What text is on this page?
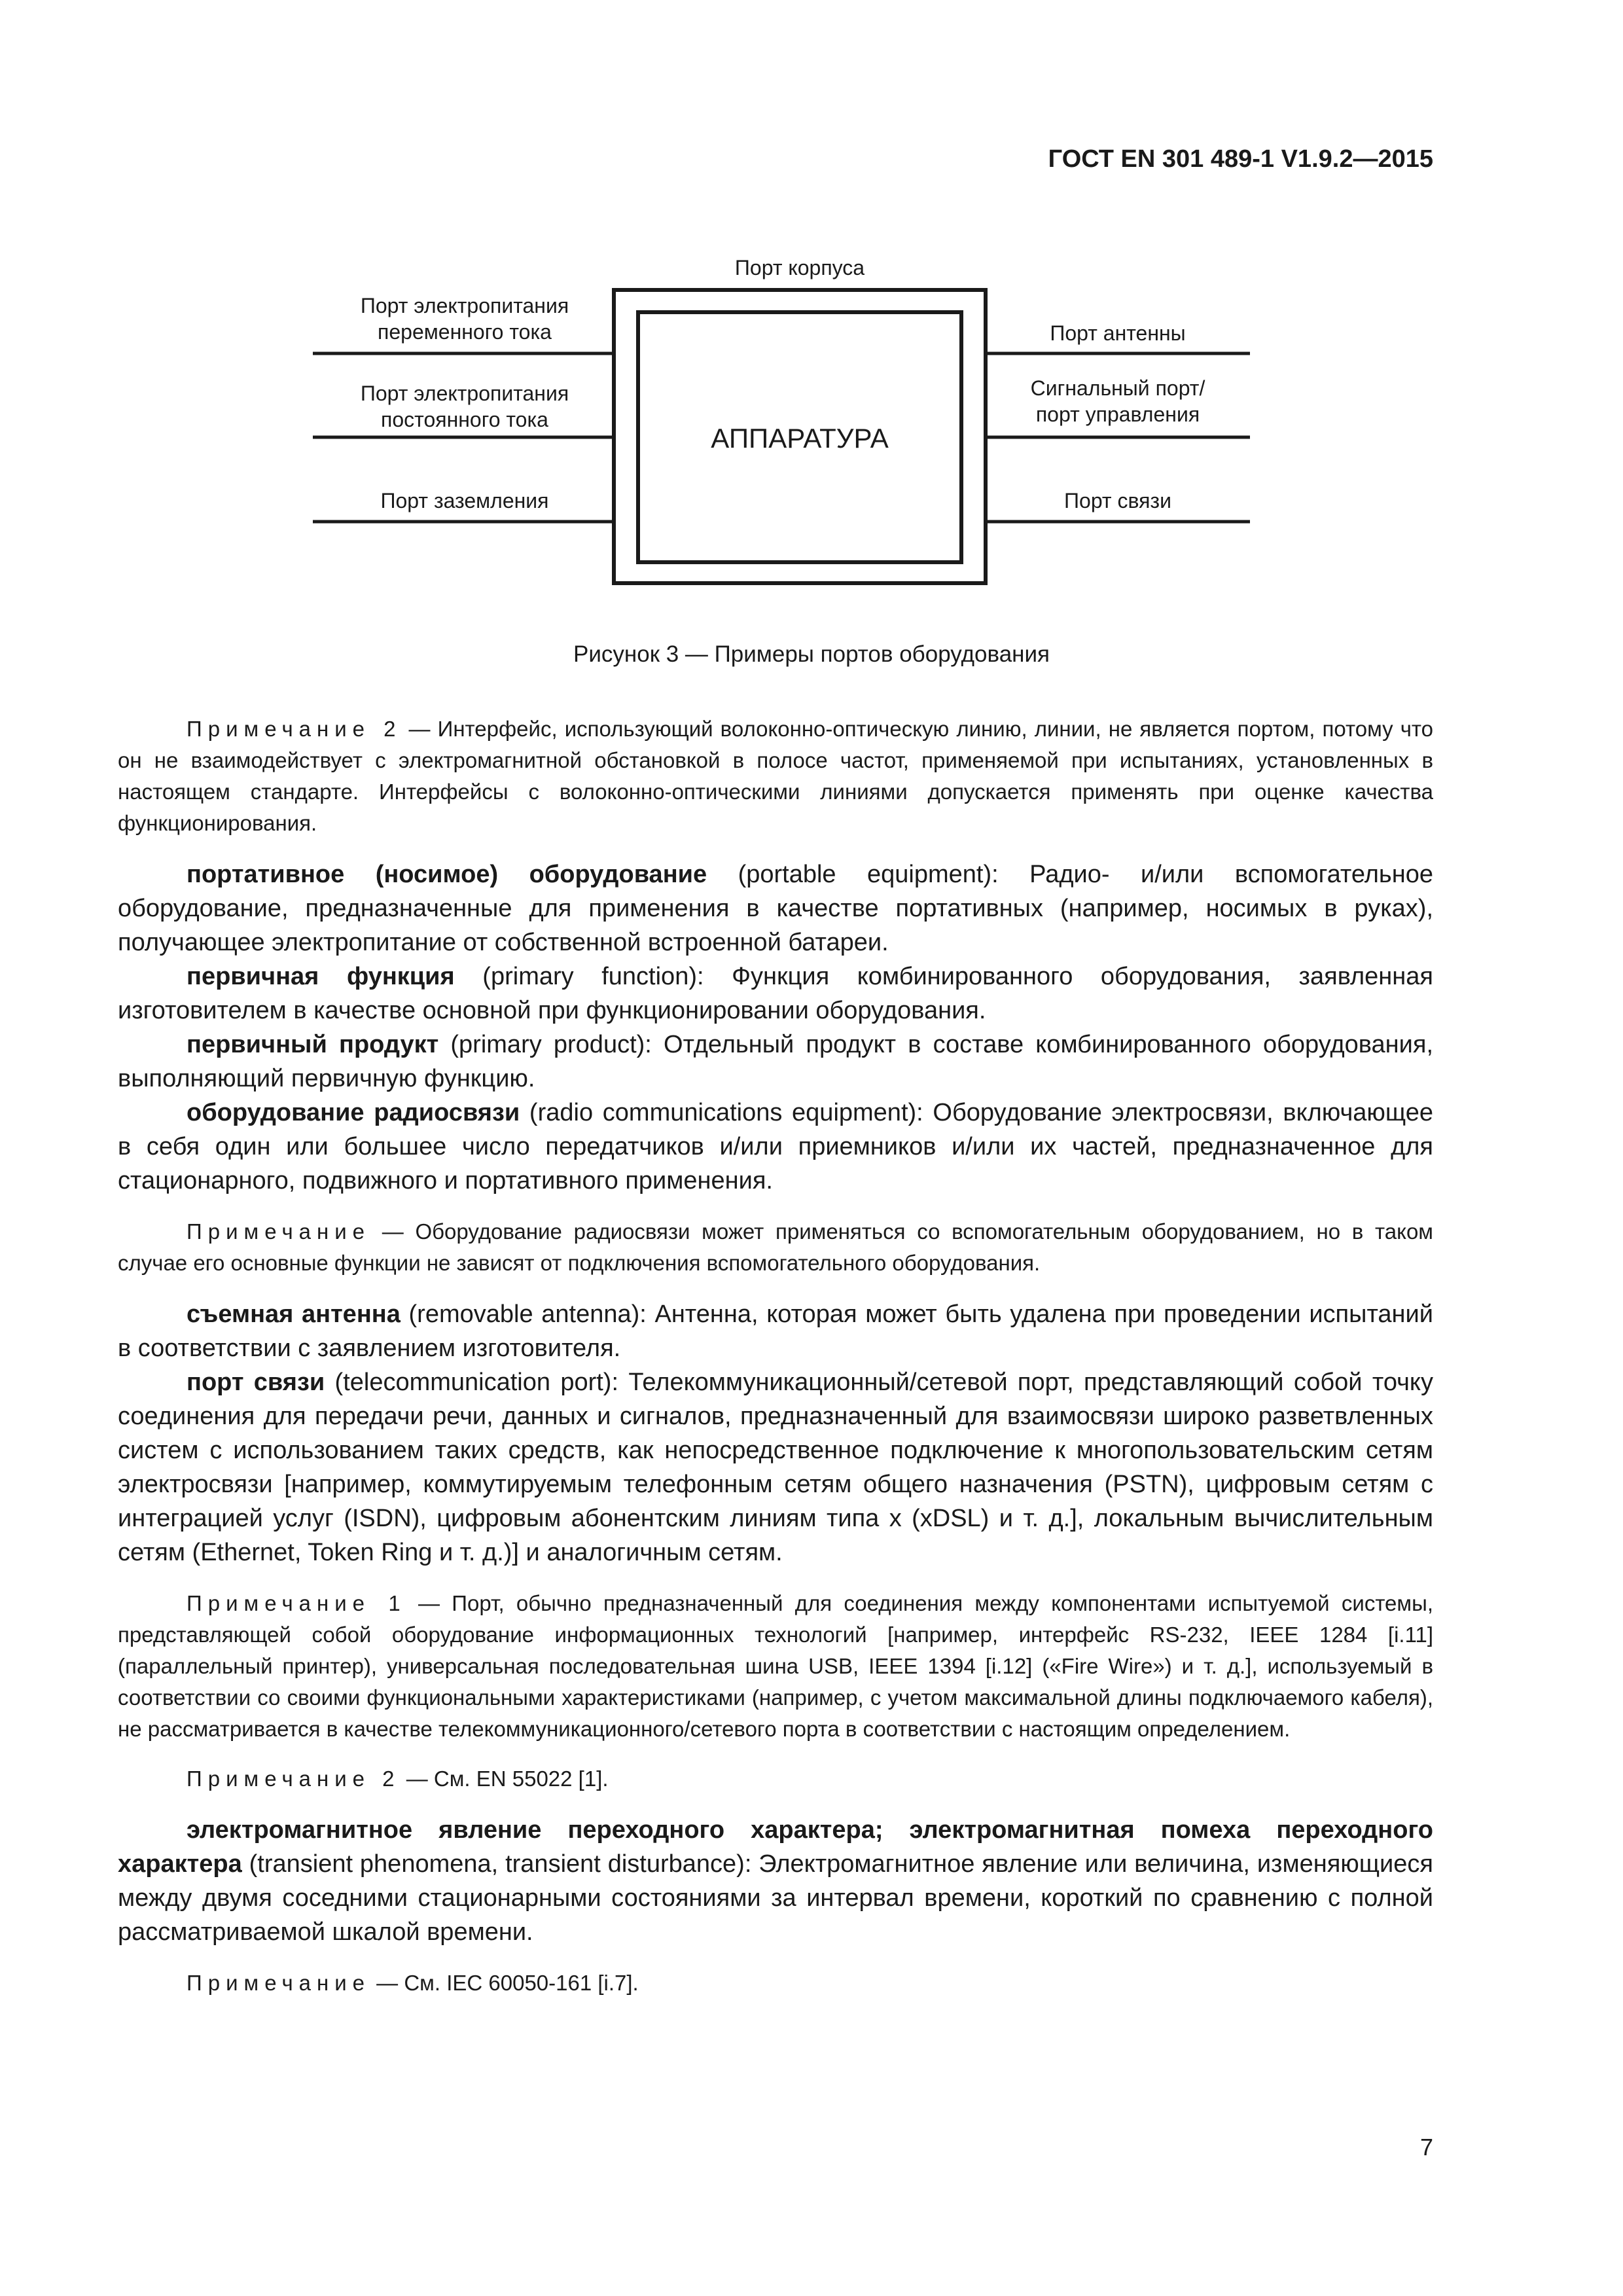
ГОСТ EN 301 489-1 V1.9.2—2015
Порт корпуса
АППАРАТУРА
Порт электропитания
переменного тока
Порт электропитания
постоянного тока
Порт заземления
Порт антенны
Сигнальный порт/
порт управления
Порт связи
Рисунок 3 — Примеры портов оборудования

Примечание 2 — Интерфейс, использующий волоконно-оптическую линию, линии, не является портом, потому что он не взаимодействует с электромагнитной обстановкой в полосе частот, применяемой при испытаниях, установленных в настоящем стандарте. Интерфейсы с волоконно-оптическими линиями допускается применять при оценке качества функционирования.

портативное (носимое) оборудование (portable equipment): Радио- и/или вспомогательное оборудование, предназначенные для применения в качестве портативных (например, носимых в руках), получающее электропитание от собственной встроенной батареи.

первичная функция (primary function): Функция комбинированного оборудования, заявленная изготовителем в качестве основной при функционировании оборудования.

первичный продукт (primary product): Отдельный продукт в составе комбинированного оборудования, выполняющий первичную функцию.

оборудование радиосвязи (radio communications equipment): Оборудование электросвязи, включающее в себя один или большее число передатчиков и/или приемников и/или их частей, предназначенное для стационарного, подвижного и портативного применения.

Примечание — Оборудование радиосвязи может применяться со вспомогательным оборудованием, но в таком случае его основные функции не зависят от подключения вспомогательного оборудования.

съемная антенна (removable antenna): Антенна, которая может быть удалена при проведении испытаний в соответствии с заявлением изготовителя.

порт связи (telecommunication port): Телекоммуникационный/сетевой порт, представляющий собой точку соединения для передачи речи, данных и сигналов, предназначенный для взаимосвязи широко разветвленных систем с использованием таких средств, как непосредственное подключение к многопользовательским сетям электросвязи [например, коммутируемым телефонным сетям общего назначения (PSTN), цифровым сетям с интеграцией услуг (ISDN), цифровым абонентским линиям типа x (xDSL) и т. д.], локальным вычислительным сетям (Ethernet, Token Ring и т. д.)] и аналогичным сетям.

Примечание 1 — Порт, обычно предназначенный для соединения между компонентами испытуемой системы, представляющей собой оборудование информационных технологий [например, интерфейс RS-232, IEEE 1284 [i.11] (параллельный принтер), универсальная последовательная шина USB, IEEE 1394 [i.12] («Fire Wire») и т. д.], используемый в соответствии со своими функциональными характеристиками (например, с учетом максимальной длины подключаемого кабеля), не рассматривается в качестве телекоммуникационного/сетевого порта в соответствии с настоящим определением.

Примечание 2 — См. EN 55022 [1].

электромагнитное явление переходного характера; электромагнитная помеха переходного характера (transient phenomena, transient disturbance): Электромагнитное явление или величина, изменяющиеся между двумя соседними стационарными состояниями за интервал времени, короткий по сравнению с полной рассматриваемой шкалой времени.

Примечание — См. IEC 60050-161 [i.7].

7
